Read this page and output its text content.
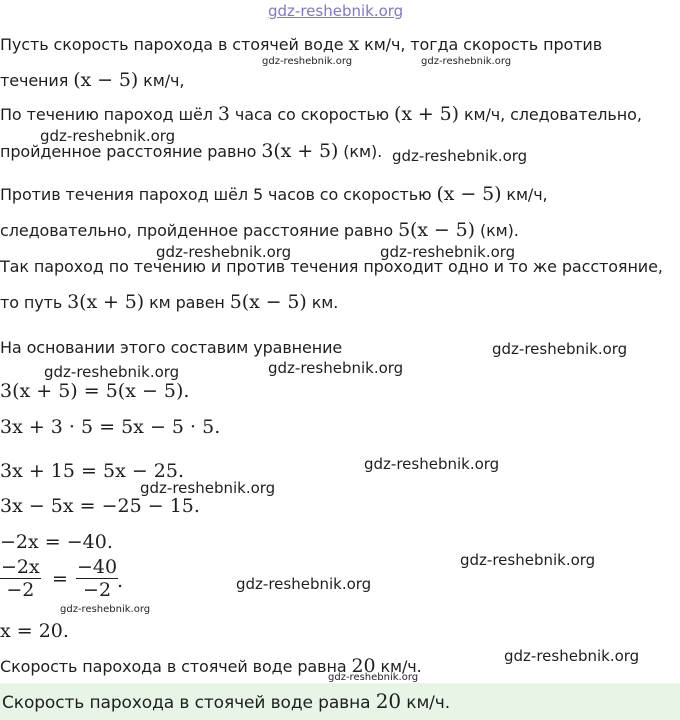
gdz-reshebnik.org
Пусть скорость парохода в стоячей воде x км/ч, тогда скорость против
течения (x − 5) км/ч,
По течению пароход шёл 3 часа со скоростью (x + 5) км/ч, следовательно,
пройденное расстояние равно 3(x + 5) (км).
Против течения пароход шёл 5 часов со скоростью (x − 5) км/ч,
следовательно, пройденное расстояние равно 5(x − 5) (км).
Так пароход по течению и против течения проходит одно и то же расстояние,
то путь 3(x + 5) км равен 5(x − 5) км.
На основании этого составим уравнение
3(x + 5) = 5(x − 5).
3x + 3 · 5 = 5x − 5 · 5.
3x + 15 = 5x − 25.
3x − 5x = −25 − 15.
−2x = −40.
$\frac{-2x}{-2} = \frac{-40}{-2}$
.
x = 20.
Скорость парохода в стоячей воде равна 20 км/ч.
Скорость парохода в стоячей воде равна 20 км/ч.
gdz-reshebnik.org	gdz-reshebnik.org
gdz-reshebnik.org
gdz-reshebnik.org
gdz-reshebnik.org	gdz-reshebnik.org
gdz-reshebnik.org
gdz-reshebnik.org	gdz-reshebnik.org
gdz-reshebnik.org
gdz-reshebnik.org
gdz-reshebnik.org
gdz-reshebnik.org
gdz-reshebnik.org
gdz-reshebnik.org
gdz-reshebnik.org
